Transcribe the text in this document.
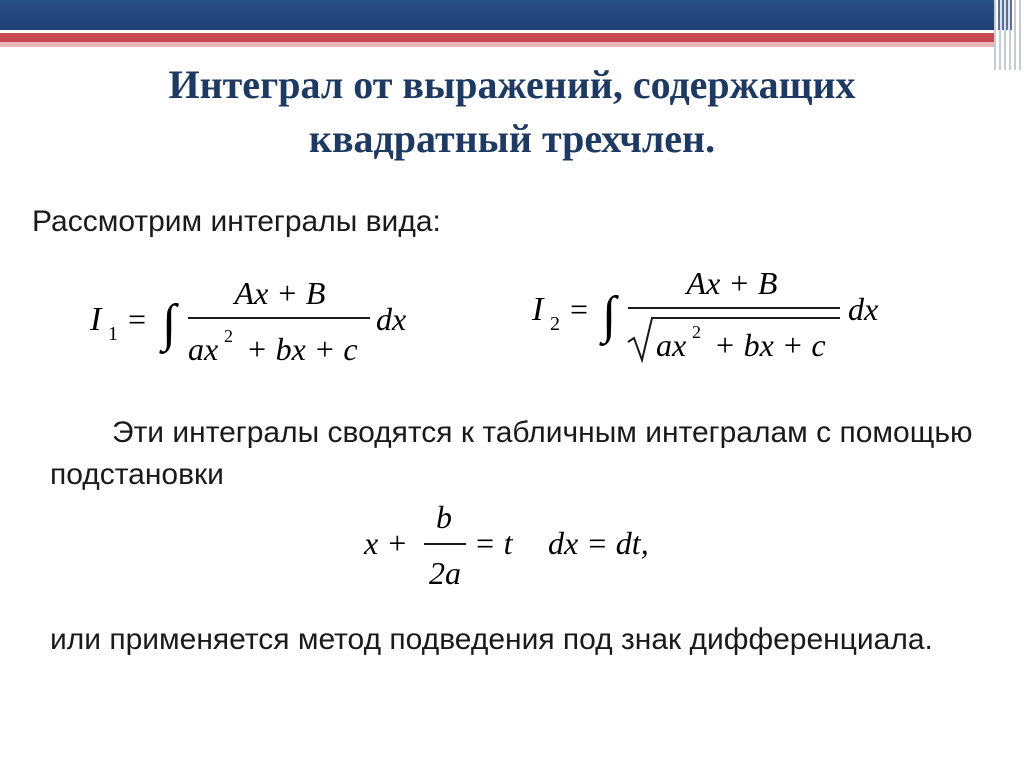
Интеграл от выражений, содержащих
квадратный трехчлен.
Рассмотрим интегралы вида:
I 1 = ∫
Ax + B
ax 2 + bx + c
dx	I 2 = ∫
Ax + B
ax 2 + bx + c
dx
Эти интегралы сводятся к табличным интегралам с помощью подстановки
x +
b
2a
= t dx = dt,
или применяется метод подведения под знак дифференциала.
